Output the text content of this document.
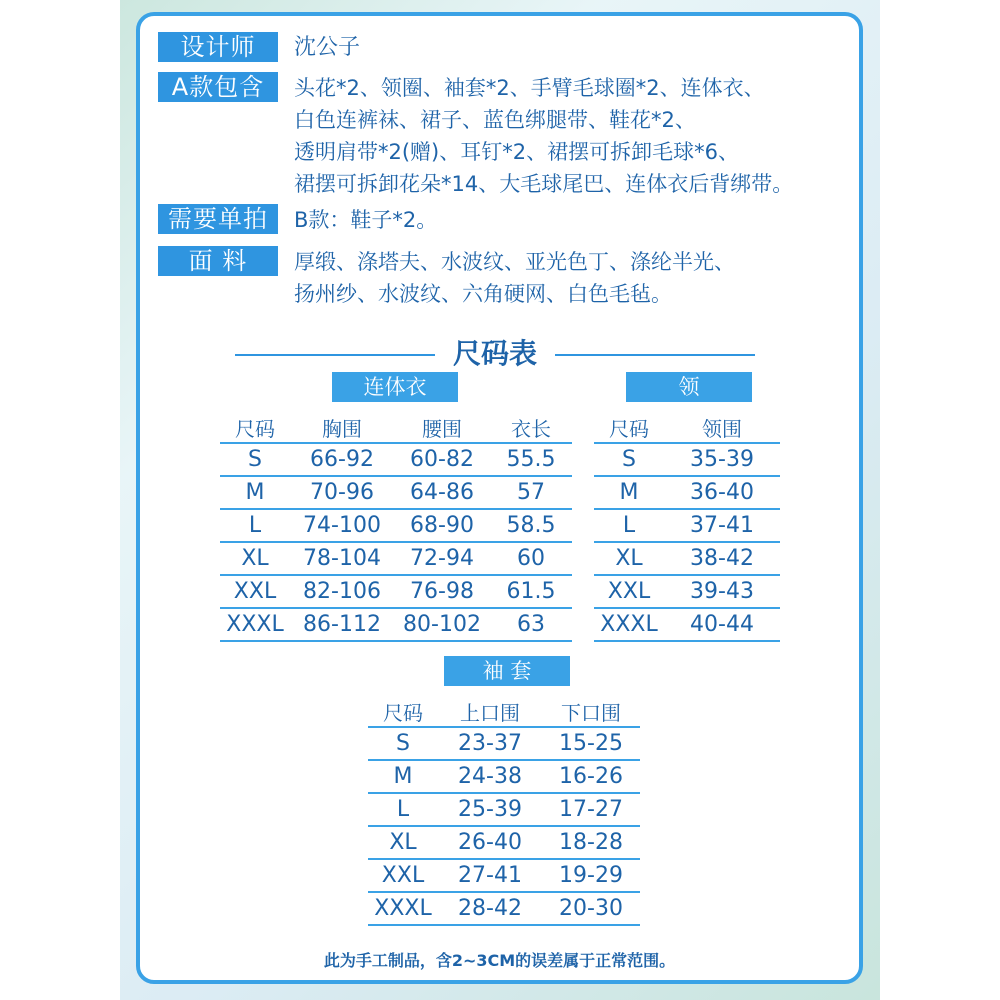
设计师	沈公子
A款包含	头花*2、领圈、袖套*2、手臂毛球圈*2、连体衣、
白色连裤袜、裙子、蓝色绑腿带、鞋花*2、
透明肩带*2(赠)、耳钉*2、裙摆可拆卸毛球*6、
裙摆可拆卸花朵*14、大毛球尾巴、连体衣后背绑带。
需要单拍	B款：鞋子*2。
面 料	厚缎、涤塔夫、水波纹、亚光色丁、涤纶半光、
扬州纱、水波纹、六角硬网、白色毛毡。
尺码表
连体衣
尺码	胸围	腰围	衣长
S	66-92	60-82	55.5
M	70-96	64-86	57
L	74-100	68-90	58.5
XL	78-104	72-94	60
XXL	82-106	76-98	61.5
XXXL	86-112	80-102	63
领
尺码	领围
S	35-39
M	36-40
L	37-41
XL	38-42
XXL	39-43
XXXL	40-44
袖 套
尺码	上口围	下口围
S	23-37	15-25
M	24-38	16-26
L	25-39	17-27
XL	26-40	18-28
XXL	27-41	19-29
XXXL	28-42	20-30
此为手工制品，含2~3CM的误差属于正常范围。
